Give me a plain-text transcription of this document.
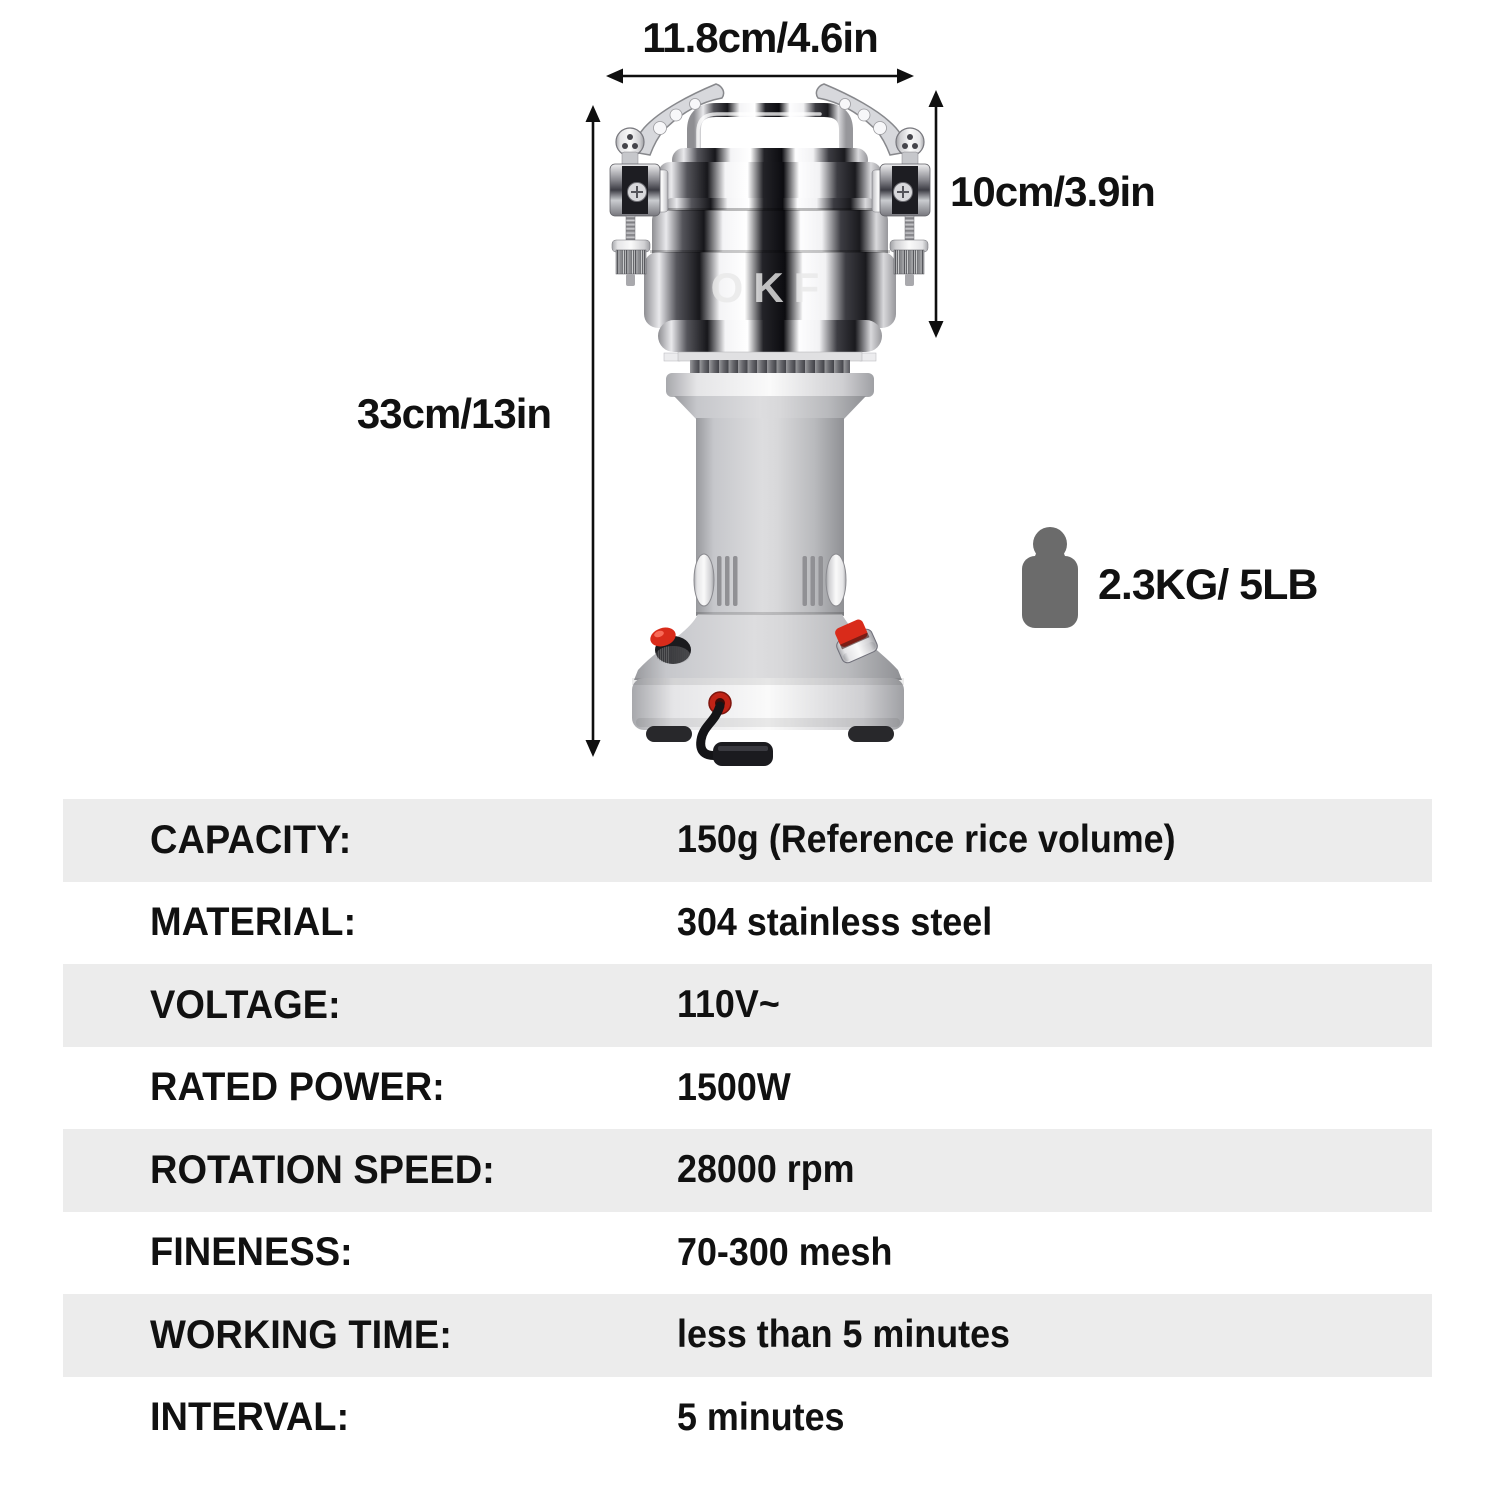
OKF
11.8cm/4.6in
33cm/13in
10cm/3.9in
2.3KG/ 5LB
CAPACITY:	150g (Reference rice volume)
MATERIAL:	304 stainless steel
VOLTAGE:	110V~
RATED POWER:	1500W
ROTATION SPEED:	28000 rpm
FINENESS:	70-300 mesh
WORKING TIME:	less than 5 minutes
INTERVAL:	5 minutes
